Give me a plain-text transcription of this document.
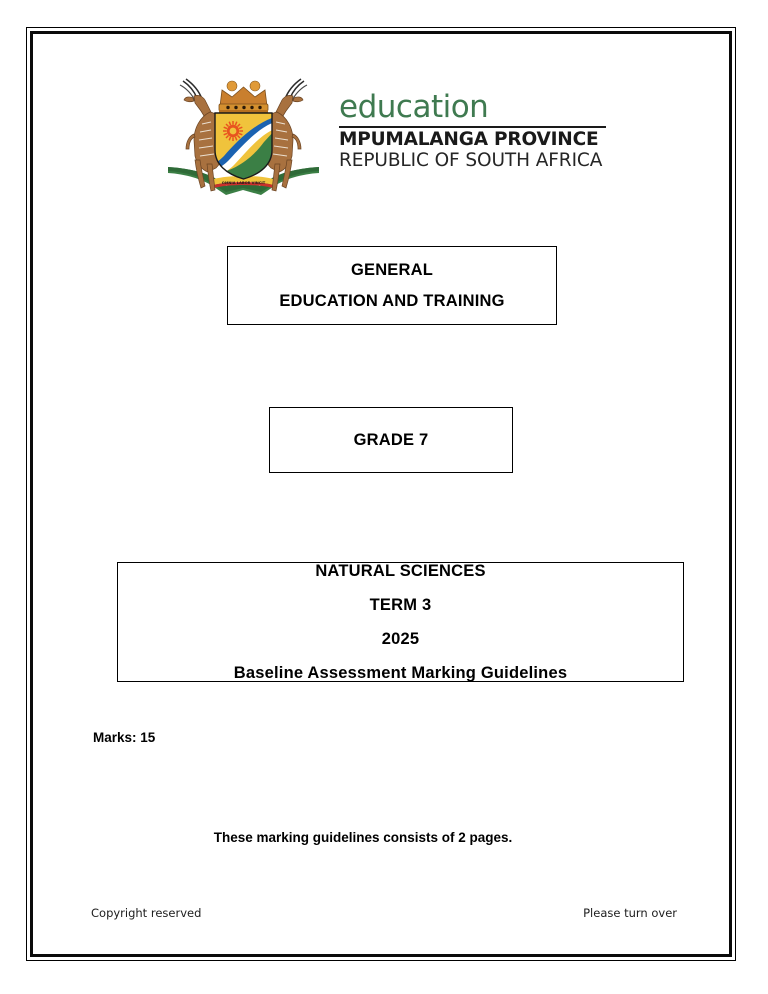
OMNIA LABOR VINCIT
education
MPUMALANGA PROVINCE
REPUBLIC OF SOUTH AFRICA
GENERAL
EDUCATION AND TRAINING
GRADE 7
NATURAL SCIENCES
TERM 3
2025
Baseline Assessment Marking Guidelines
Marks: 15
These marking guidelines consists of 2 pages.
Copyright reserved	Please turn over
